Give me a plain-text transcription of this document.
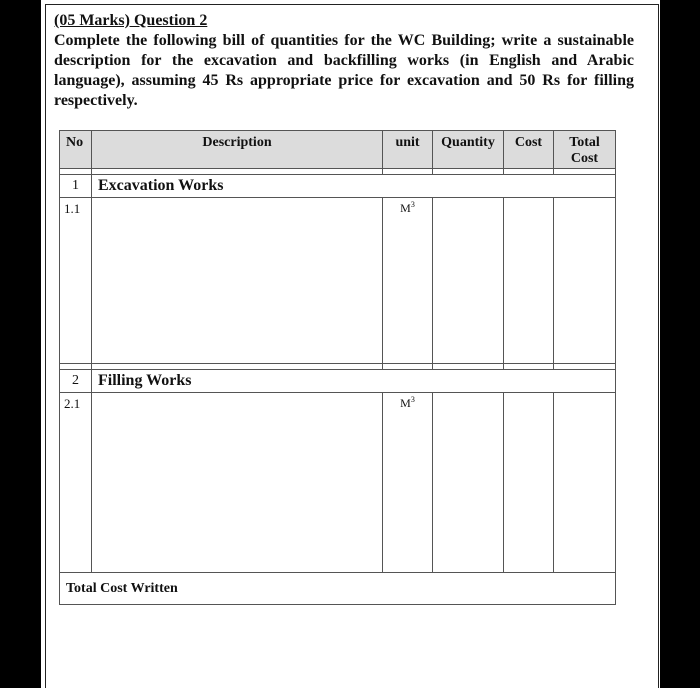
(05 Marks) Question 2
Complete the following bill of quantities for the WC Building; write a sustainable description for the excavation and backfilling works (in English and Arabic language), assuming 45 Rs appropriate price for excavation and 50 Rs for filling respectively.
No	Description	unit	Quantity	Cost	Total
Cost

1	Excavation Works				
1.1		$M^3$			

2	Filling Works				
2.1		$M^3$			
Total Cost Written					
